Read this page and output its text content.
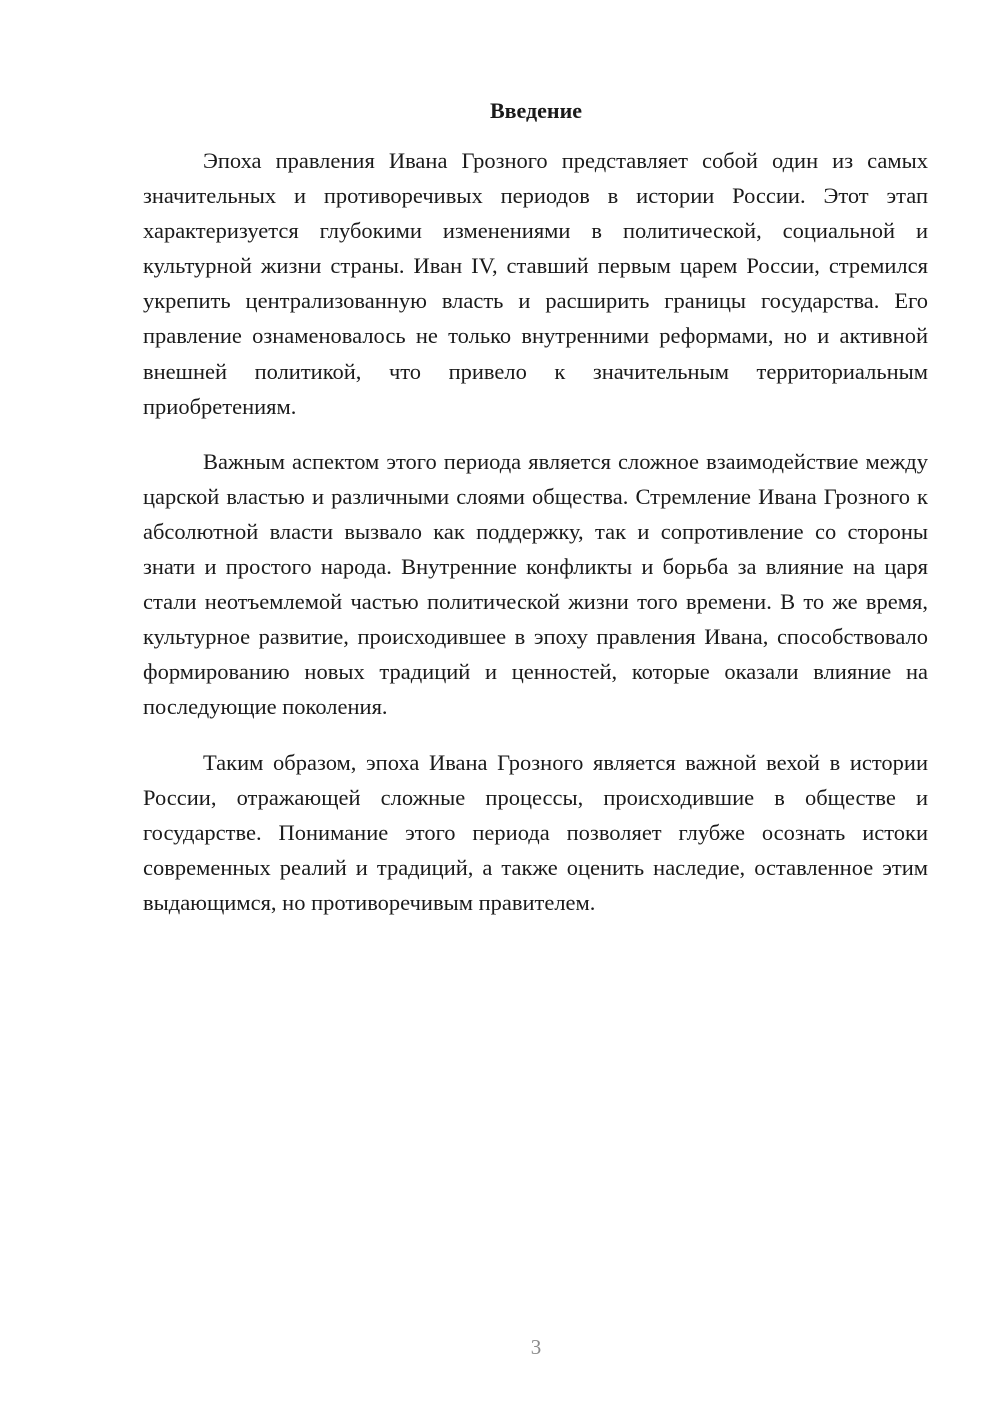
Введение

Эпоха правления Ивана Грозного представляет собой один из самых значительных и противоречивых периодов в истории России. Этот этап характеризуется глубокими изменениями в политической, социальной и культурной жизни страны. Иван IV, ставший первым царем России, стремился укрепить централизованную власть и расширить границы государства. Его правление ознаменовалось не только внутренними реформами, но и активной внешней политикой, что привело к значительным территориальным приобретениям.

Важным аспектом этого периода является сложное взаимодействие между царской властью и различными слоями общества. Стремление Ивана Грозного к абсолютной власти вызвало как поддержку, так и сопротивление со стороны знати и простого народа. Внутренние конфликты и борьба за влияние на царя стали неотъемлемой частью политической жизни того времени. В то же время, культурное развитие, происходившее в эпоху правления Ивана, способствовало формированию новых традиций и ценностей, которые оказали влияние на последующие поколения.

Таким образом, эпоха Ивана Грозного является важной вехой в истории России, отражающей сложные процессы, происходившие в обществе и государстве. Понимание этого периода позволяет глубже осознать истоки современных реалий и традиций, а также оценить наследие, оставленное этим выдающимся, но противоречивым правителем.

3
